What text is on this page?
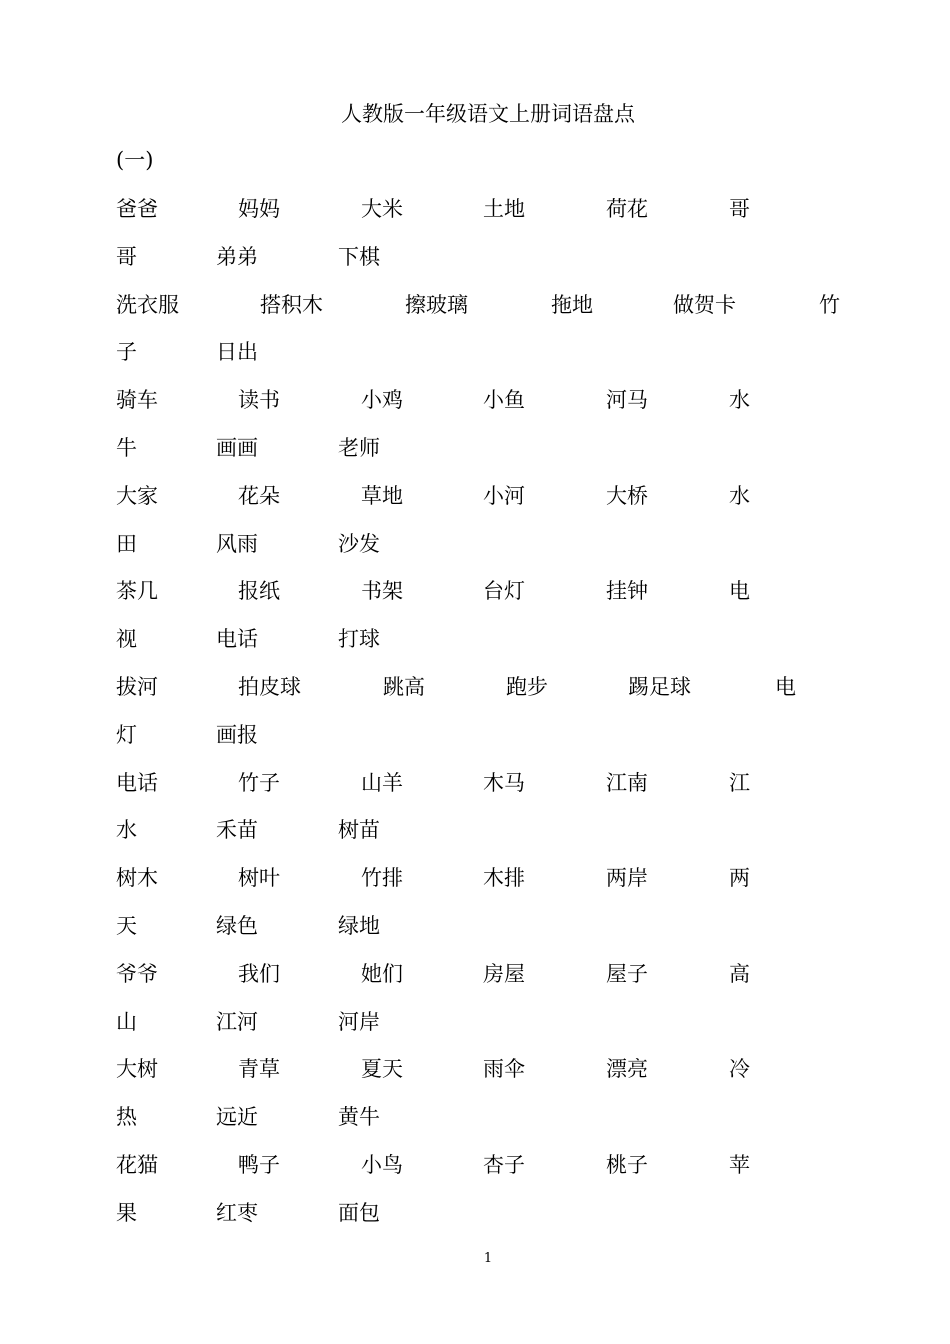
人教版一年级语文上册词语盘点
(一)
爸爸	妈妈	大米	土地	荷花	哥
哥	弟弟	下棋
洗衣服	搭积木	擦玻璃	拖地	做贺卡	竹
子	日出
骑车	读书	小鸡	小鱼	河马	水
牛	画画	老师
大家	花朵	草地	小河	大桥	水
田	风雨	沙发
茶几	报纸	书架	台灯	挂钟	电
视	电话	打球
拔河	拍皮球	跳高	跑步	踢足球	电
灯	画报
电话	竹子	山羊	木马	江南	江
水	禾苗	树苗
树木	树叶	竹排	木排	两岸	两
天	绿色	绿地
爷爷	我们	她们	房屋	屋子	高
山	江河	河岸
大树	青草	夏天	雨伞	漂亮	冷
热	远近	黄牛
花猫	鸭子	小鸟	杏子	桃子	苹
果	红枣	面包
1
